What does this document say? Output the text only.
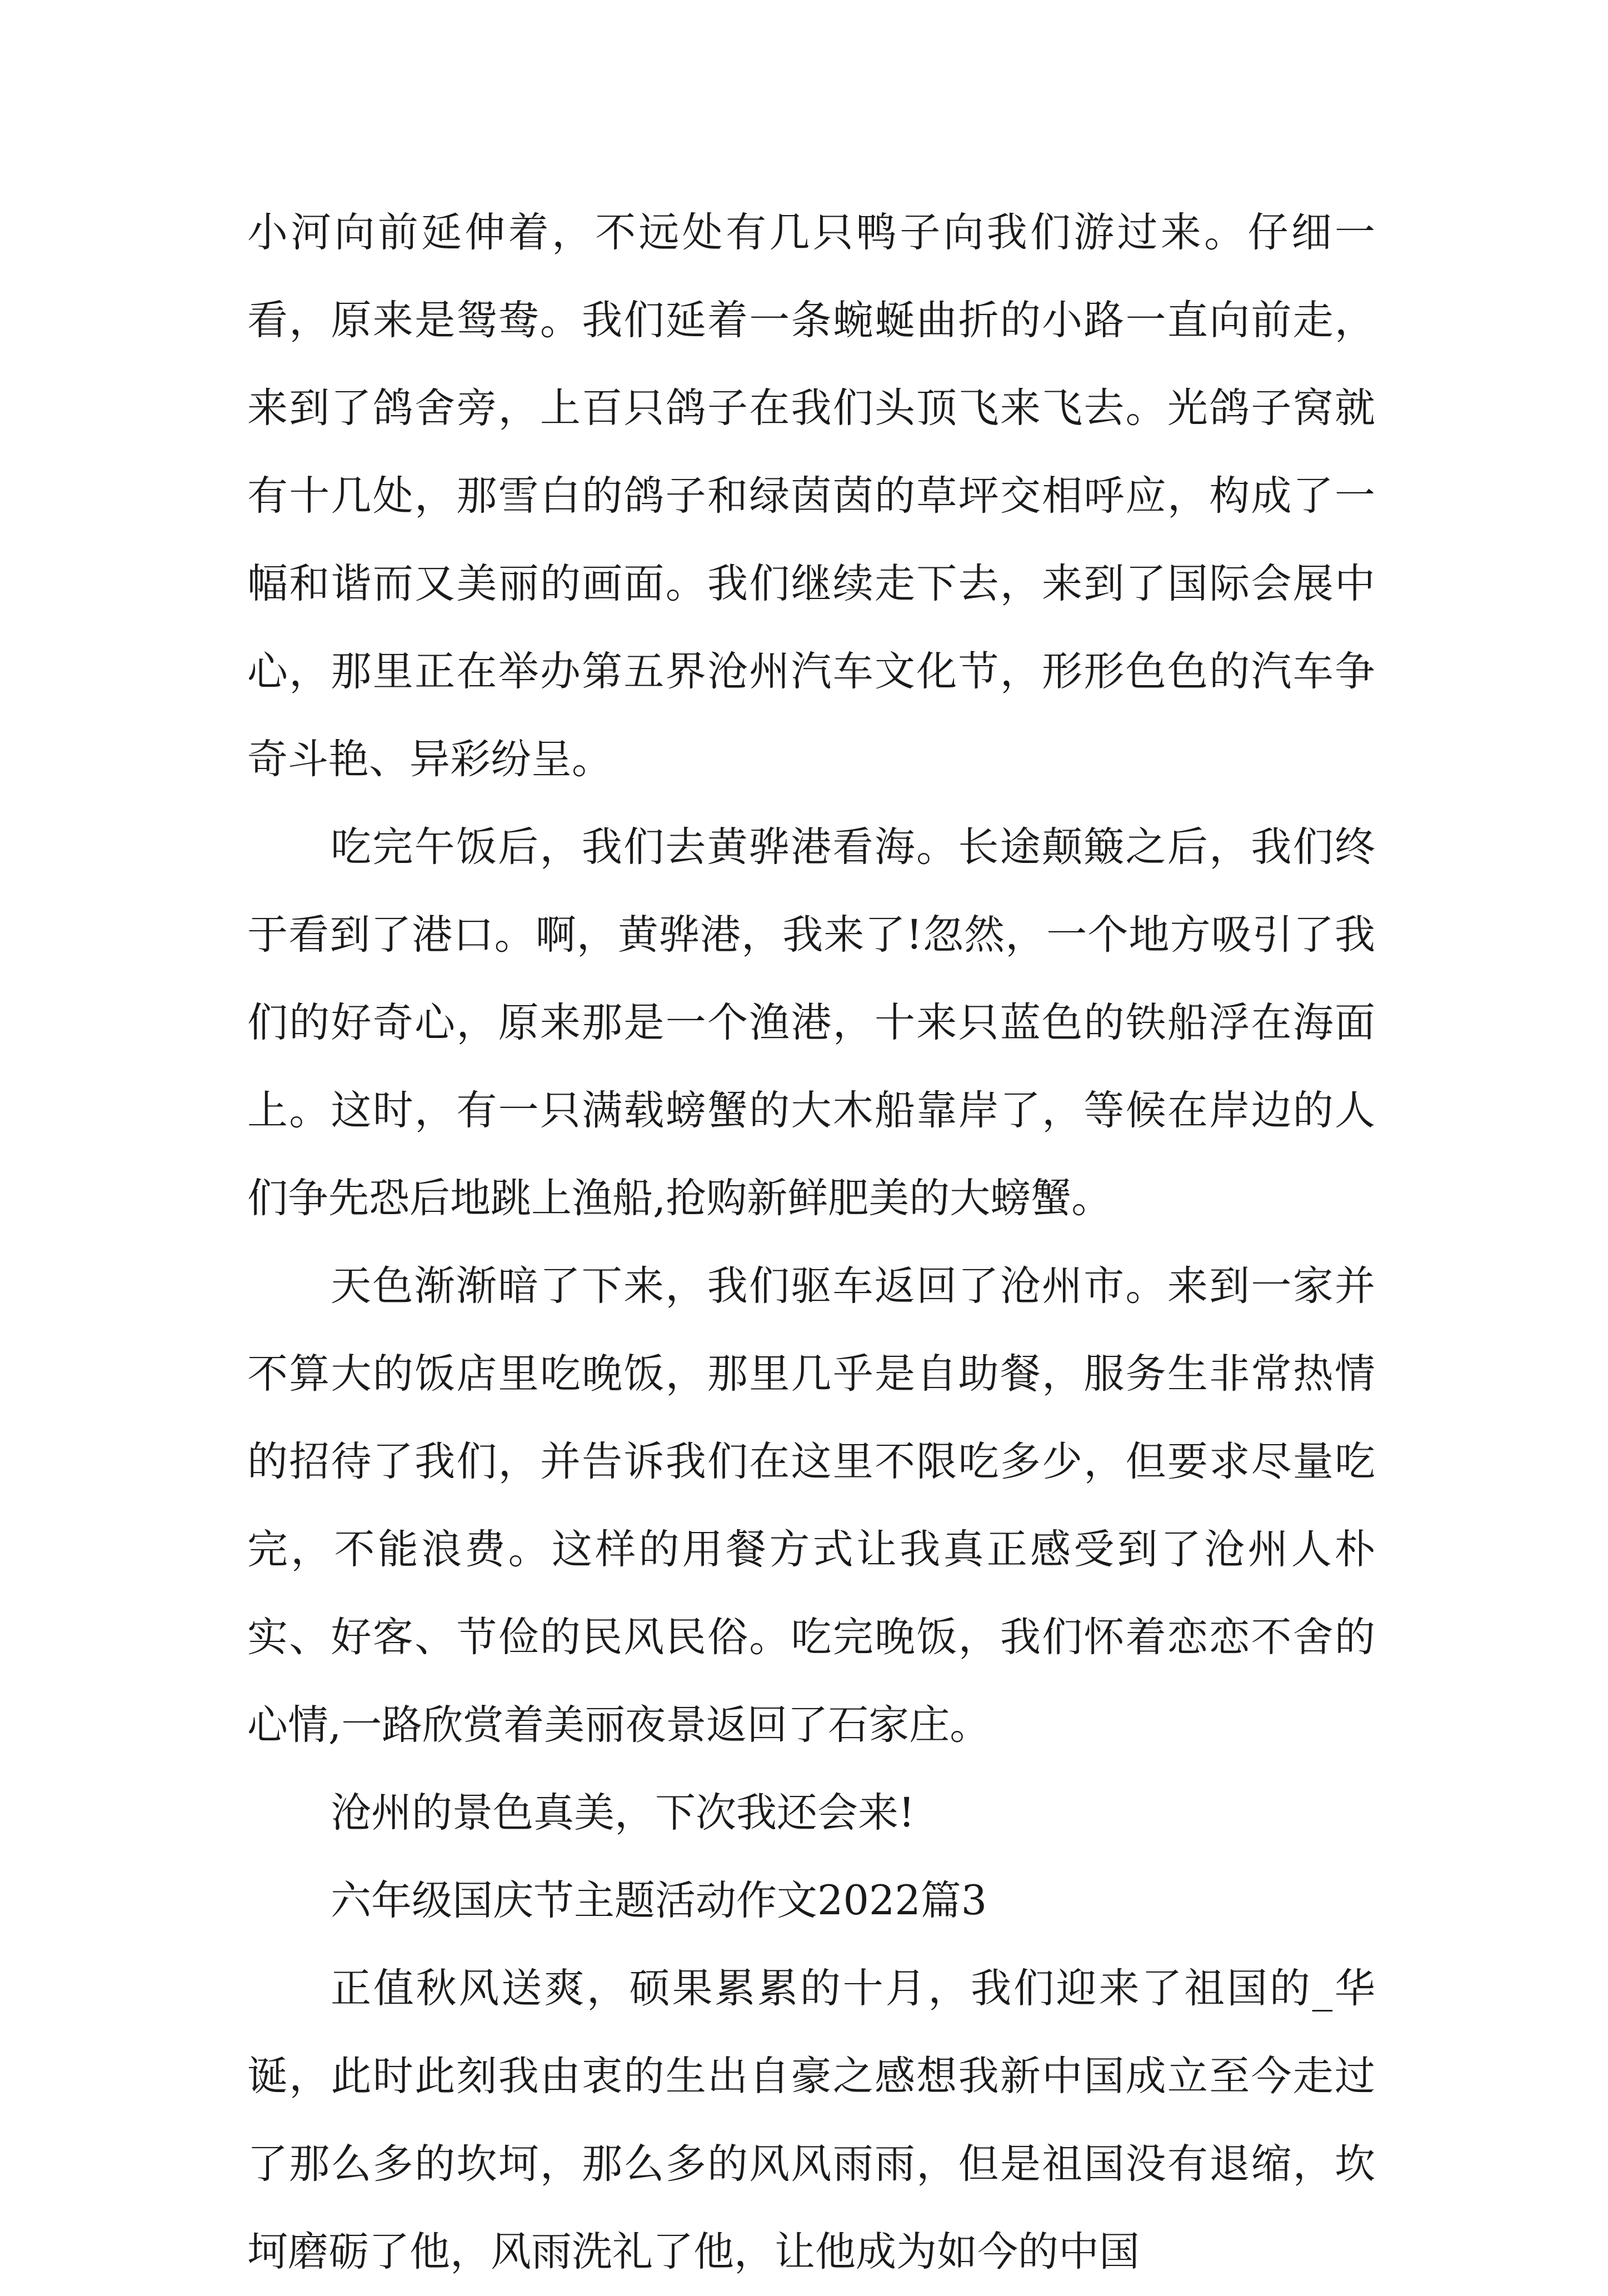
小河向前延伸着，不远处有几只鸭子向我们游过来。仔细一看，原来是鸳鸯。我们延着一条蜿蜒曲折的小路一直向前走，来到了鸽舍旁，上百只鸽子在我们头顶飞来飞去。光鸽子窝就有十几处，那雪白的鸽子和绿茵茵的草坪交相呼应，构成了一幅和谐而又美丽的画面。我们继续走下去，来到了国际会展中心，那里正在举办第五界沧州汽车文化节，形形色色的汽车争奇斗艳、异彩纷呈。

吃完午饭后，我们去黄骅港看海。长途颠簸之后，我们终于看到了港口。啊，黄骅港，我来了!忽然，一个地方吸引了我们的好奇心，原来那是一个渔港，十来只蓝色的铁船浮在海面上。这时，有一只满载螃蟹的大木船靠岸了，等候在岸边的人们争先恐后地跳上渔船,抢购新鲜肥美的大螃蟹。

天色渐渐暗了下来，我们驱车返回了沧州市。来到一家并不算大的饭店里吃晚饭，那里几乎是自助餐，服务生非常热情的招待了我们，并告诉我们在这里不限吃多少，但要求尽量吃完，不能浪费。这样的用餐方式让我真正感受到了沧州人朴实、好客、节俭的民风民俗。吃完晚饭，我们怀着恋恋不舍的心情,一路欣赏着美丽夜景返回了石家庄。

沧州的景色真美，下次我还会来!

六年级国庆节主题活动作文2022篇3

正值秋风送爽，硕果累累的十月，我们迎来了祖国的_华诞，此时此刻我由衷的生出自豪之感想我新中国成立至今走过了那么多的坎坷，那么多的风风雨雨，但是祖国没有退缩，坎坷磨砺了他，风雨洗礼了他，让他成为如今的中国
